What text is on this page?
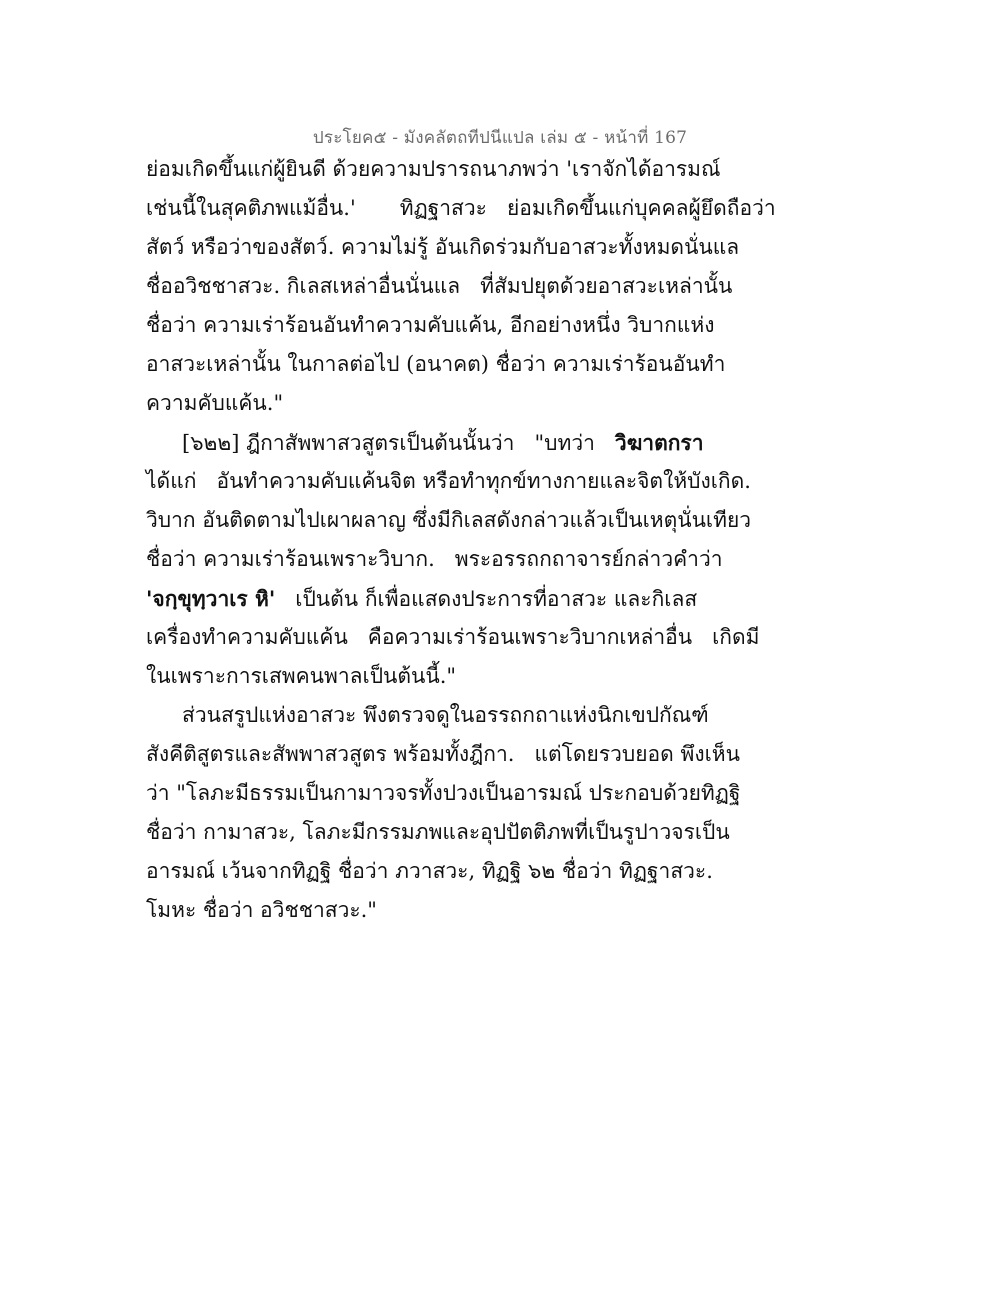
ประโยค๕ - มังคลัตถทีปนีแปล เล่ม ๕ - หน้าที่ 167
ย่อมเกิดขึ้นแก่ผู้ยินดี ด้วยความปรารถนาภพว่า 'เราจักได้อารมณ์
เช่นนี้ในสุคติภพแม้อื่น.' ทิฏฐาสวะ ย่อมเกิดขึ้นแก่บุคคลผู้ยึดถือว่า
สัตว์ หรือว่าของสัตว์. ความไม่รู้ อันเกิดร่วมกับอาสวะทั้งหมดนั่นแล
ชื่ออวิชชาสวะ. กิเลสเหล่าอื่นนั่นแล ที่สัมปยุตด้วยอาสวะเหล่านั้น
ชื่อว่า ความเร่าร้อนอันทำความคับแค้น, อีกอย่างหนึ่ง วิบากแห่ง
อาสวะเหล่านั้น ในกาลต่อไป (อนาคต) ชื่อว่า ความเร่าร้อนอันทำ
ความคับแค้น."
[๖๒๒] ฎีกาสัพพาสวสูตรเป็นต้นนั้นว่า "บทว่า วิฆาตกรา
ได้แก่ อันทำความคับแค้นจิต หรือทำทุกข์ทางกายและจิตให้บังเกิด.
วิบาก อันติดตามไปเผาผลาญ ซึ่งมีกิเลสดังกล่าวแล้วเป็นเหตุนั่นเทียว
ชื่อว่า ความเร่าร้อนเพราะวิบาก. พระอรรถกถาจารย์กล่าวคำว่า
'จกฺขุทฺวาเร หิ' เป็นต้น ก็เพื่อแสดงประการที่อาสวะ และกิเลส
เครื่องทำความคับแค้น คือความเร่าร้อนเพราะวิบากเหล่าอื่น เกิดมี
ในเพราะการเสพคนพาลเป็นต้นนี้."
ส่วนสรูปแห่งอาสวะ พึงตรวจดูในอรรถกถาแห่งนิกเขปกัณฑ์
สังคีติสูตรและสัพพาสวสูตร พร้อมทั้งฎีกา. แต่โดยรวบยอด พึงเห็น
ว่า "โลภะมีธรรมเป็นกามาวจรทั้งปวงเป็นอารมณ์ ประกอบด้วยทิฏฐิ
ชื่อว่า กามาสวะ, โลภะมีกรรมภพและอุปปัตติภพที่เป็นรูปาวจรเป็น
อารมณ์ เว้นจากทิฏฐิ ชื่อว่า ภวาสวะ, ทิฏฐิ ๖๒ ชื่อว่า ทิฏฐาสวะ.
โมหะ ชื่อว่า อวิชชาสวะ."
